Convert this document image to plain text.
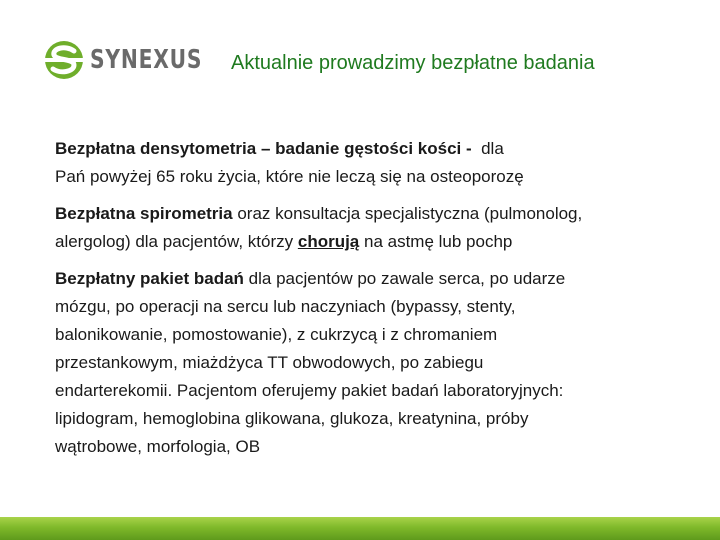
SYNEXUS Aktualnie prowadzimy bezpłatne badania
Bezpłatna densytometria – badanie gęstości kości -  dla
Pań powyżej 65 roku życia, które nie leczą się na osteoporozę
Bezpłatna spirometria oraz konsultacja specjalistyczna (pulmonolog,
alergolog) dla pacjentów, którzy chorują na astmę lub pochp
Bezpłatny pakiet badań dla pacjentów po zawale serca, po udarze
mózgu, po operacji na sercu lub naczyniach (bypassy, stenty,
balonikowanie, pomostowanie), z cukrzycą i z chromaniem
przestankowym, miażdżyca TT obwodowych, po zabiegu
endarterekomii. Pacjentom oferujemy pakiet badań laboratoryjnych:
lipidogram, hemoglobina glikowana, glukoza, kreatynina, próby
wątrobowe, morfologia, OB
